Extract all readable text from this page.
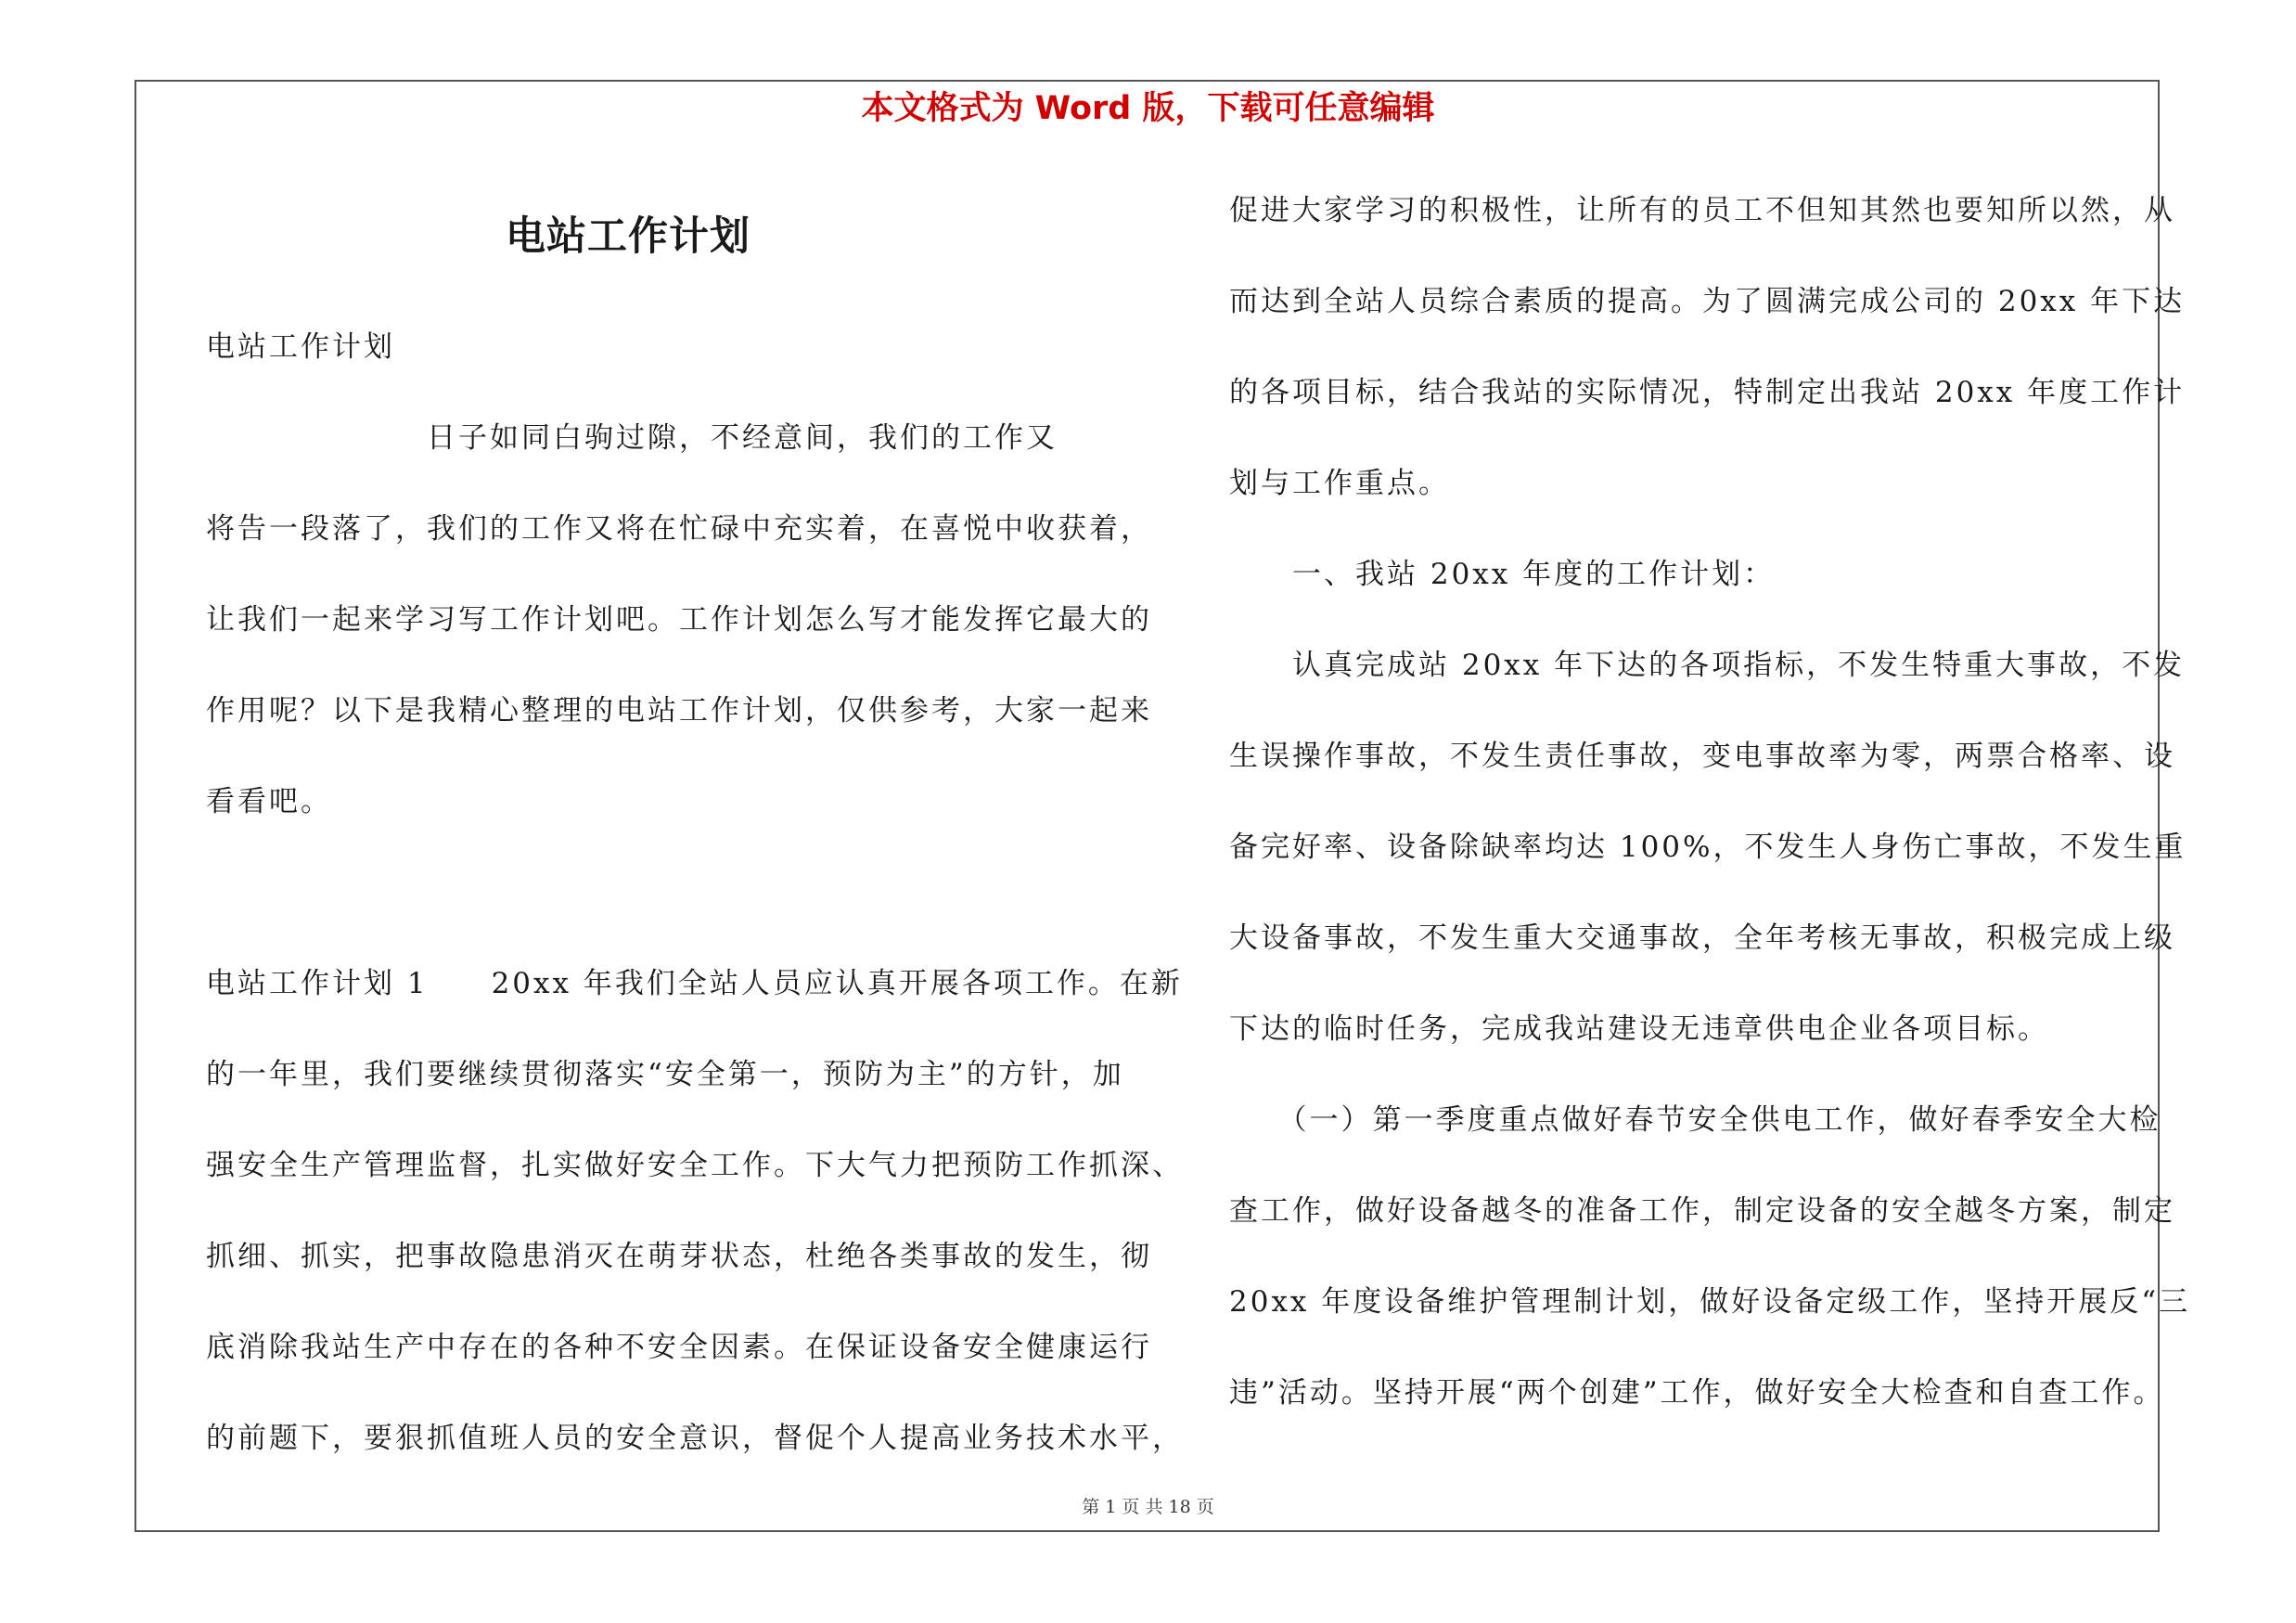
本文格式为 Word 版，下载可任意编辑
电站工作计划
电站工作计划
　　　　　　　日子如同白驹过隙，不经意间，我们的工作又
将告一段落了，我们的工作又将在忙碌中充实着，在喜悦中收获着，
让我们一起来学习写工作计划吧。工作计划怎么写才能发挥它最大的
作用呢？以下是我精心整理的电站工作计划，仅供参考，大家一起来
看看吧。
电站工作计划 1　　20xx 年我们全站人员应认真开展各项工作。在新
的一年里，我们要继续贯彻落实“安全第一，预防为主”的方针，加
强安全生产管理监督，扎实做好安全工作。下大气力把预防工作抓深、
抓细、抓实，把事故隐患消灭在萌芽状态，杜绝各类事故的发生，彻
底消除我站生产中存在的各种不安全因素。在保证设备安全健康运行
的前题下，要狠抓值班人员的安全意识，督促个人提高业务技术水平，
促进大家学习的积极性，让所有的员工不但知其然也要知所以然，从
而达到全站人员综合素质的提高。为了圆满完成公司的 20xx 年下达
的各项目标，结合我站的实际情况，特制定出我站 20xx 年度工作计
划与工作重点。
　　一、我站 20xx 年度的工作计划：
　　认真完成站 20xx 年下达的各项指标，不发生特重大事故，不发
生误操作事故，不发生责任事故，变电事故率为零，两票合格率、设
备完好率、设备除缺率均达 100%，不发生人身伤亡事故，不发生重
大设备事故，不发生重大交通事故，全年考核无事故，积极完成上级
下达的临时任务，完成我站建设无违章供电企业各项目标。
　　（一）第一季度重点做好春节安全供电工作，做好春季安全大检
查工作，做好设备越冬的准备工作，制定设备的安全越冬方案，制定
20xx 年度设备维护管理制计划，做好设备定级工作，坚持开展反“三
违”活动。坚持开展“两个创建”工作，做好安全大检查和自查工作。
第 1 页 共 18 页
